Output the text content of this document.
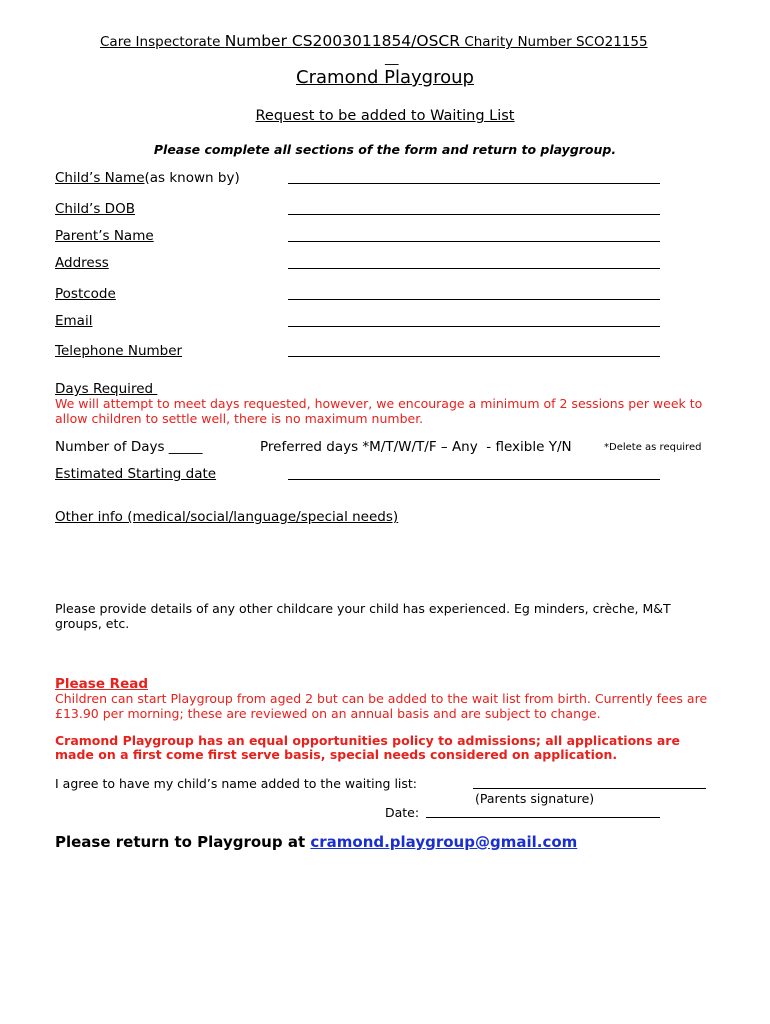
Care Inspectorate Number CS2003011854/OSCR Charity Number SCO21155
__
Cramond Playgroup
Request to be added to Waiting List
Please complete all sections of the form and return to playgroup.
Child’s Name(as known by)
Child’s DOB
Parent’s Name
Address
Postcode
Email
Telephone Number
Days Required
We will attempt to meet days requested, however, we encourage a minimum of 2 sessions per week to allow children to settle well, there is no maximum number.
Number of Days _____	Preferred days *M/T/W/T/F – Any  - flexible Y/N	*Delete as required
Estimated Starting date
Other info (medical/social/language/special needs)
Please provide details of any other childcare your child has experienced. Eg minders, crèche, M&T groups, etc.
Please Read
Children can start Playgroup from aged 2 but can be added to the wait list from birth. Currently fees are £13.90 per morning; these are reviewed on an annual basis and are subject to change.
Cramond Playgroup has an equal opportunities policy to admissions; all applications are made on a first come first serve basis, special needs considered on application.
I agree to have my child’s name added to the waiting list:
(Parents signature)
Date:
Please return to Playgroup at cramond.playgroup@gmail.com
